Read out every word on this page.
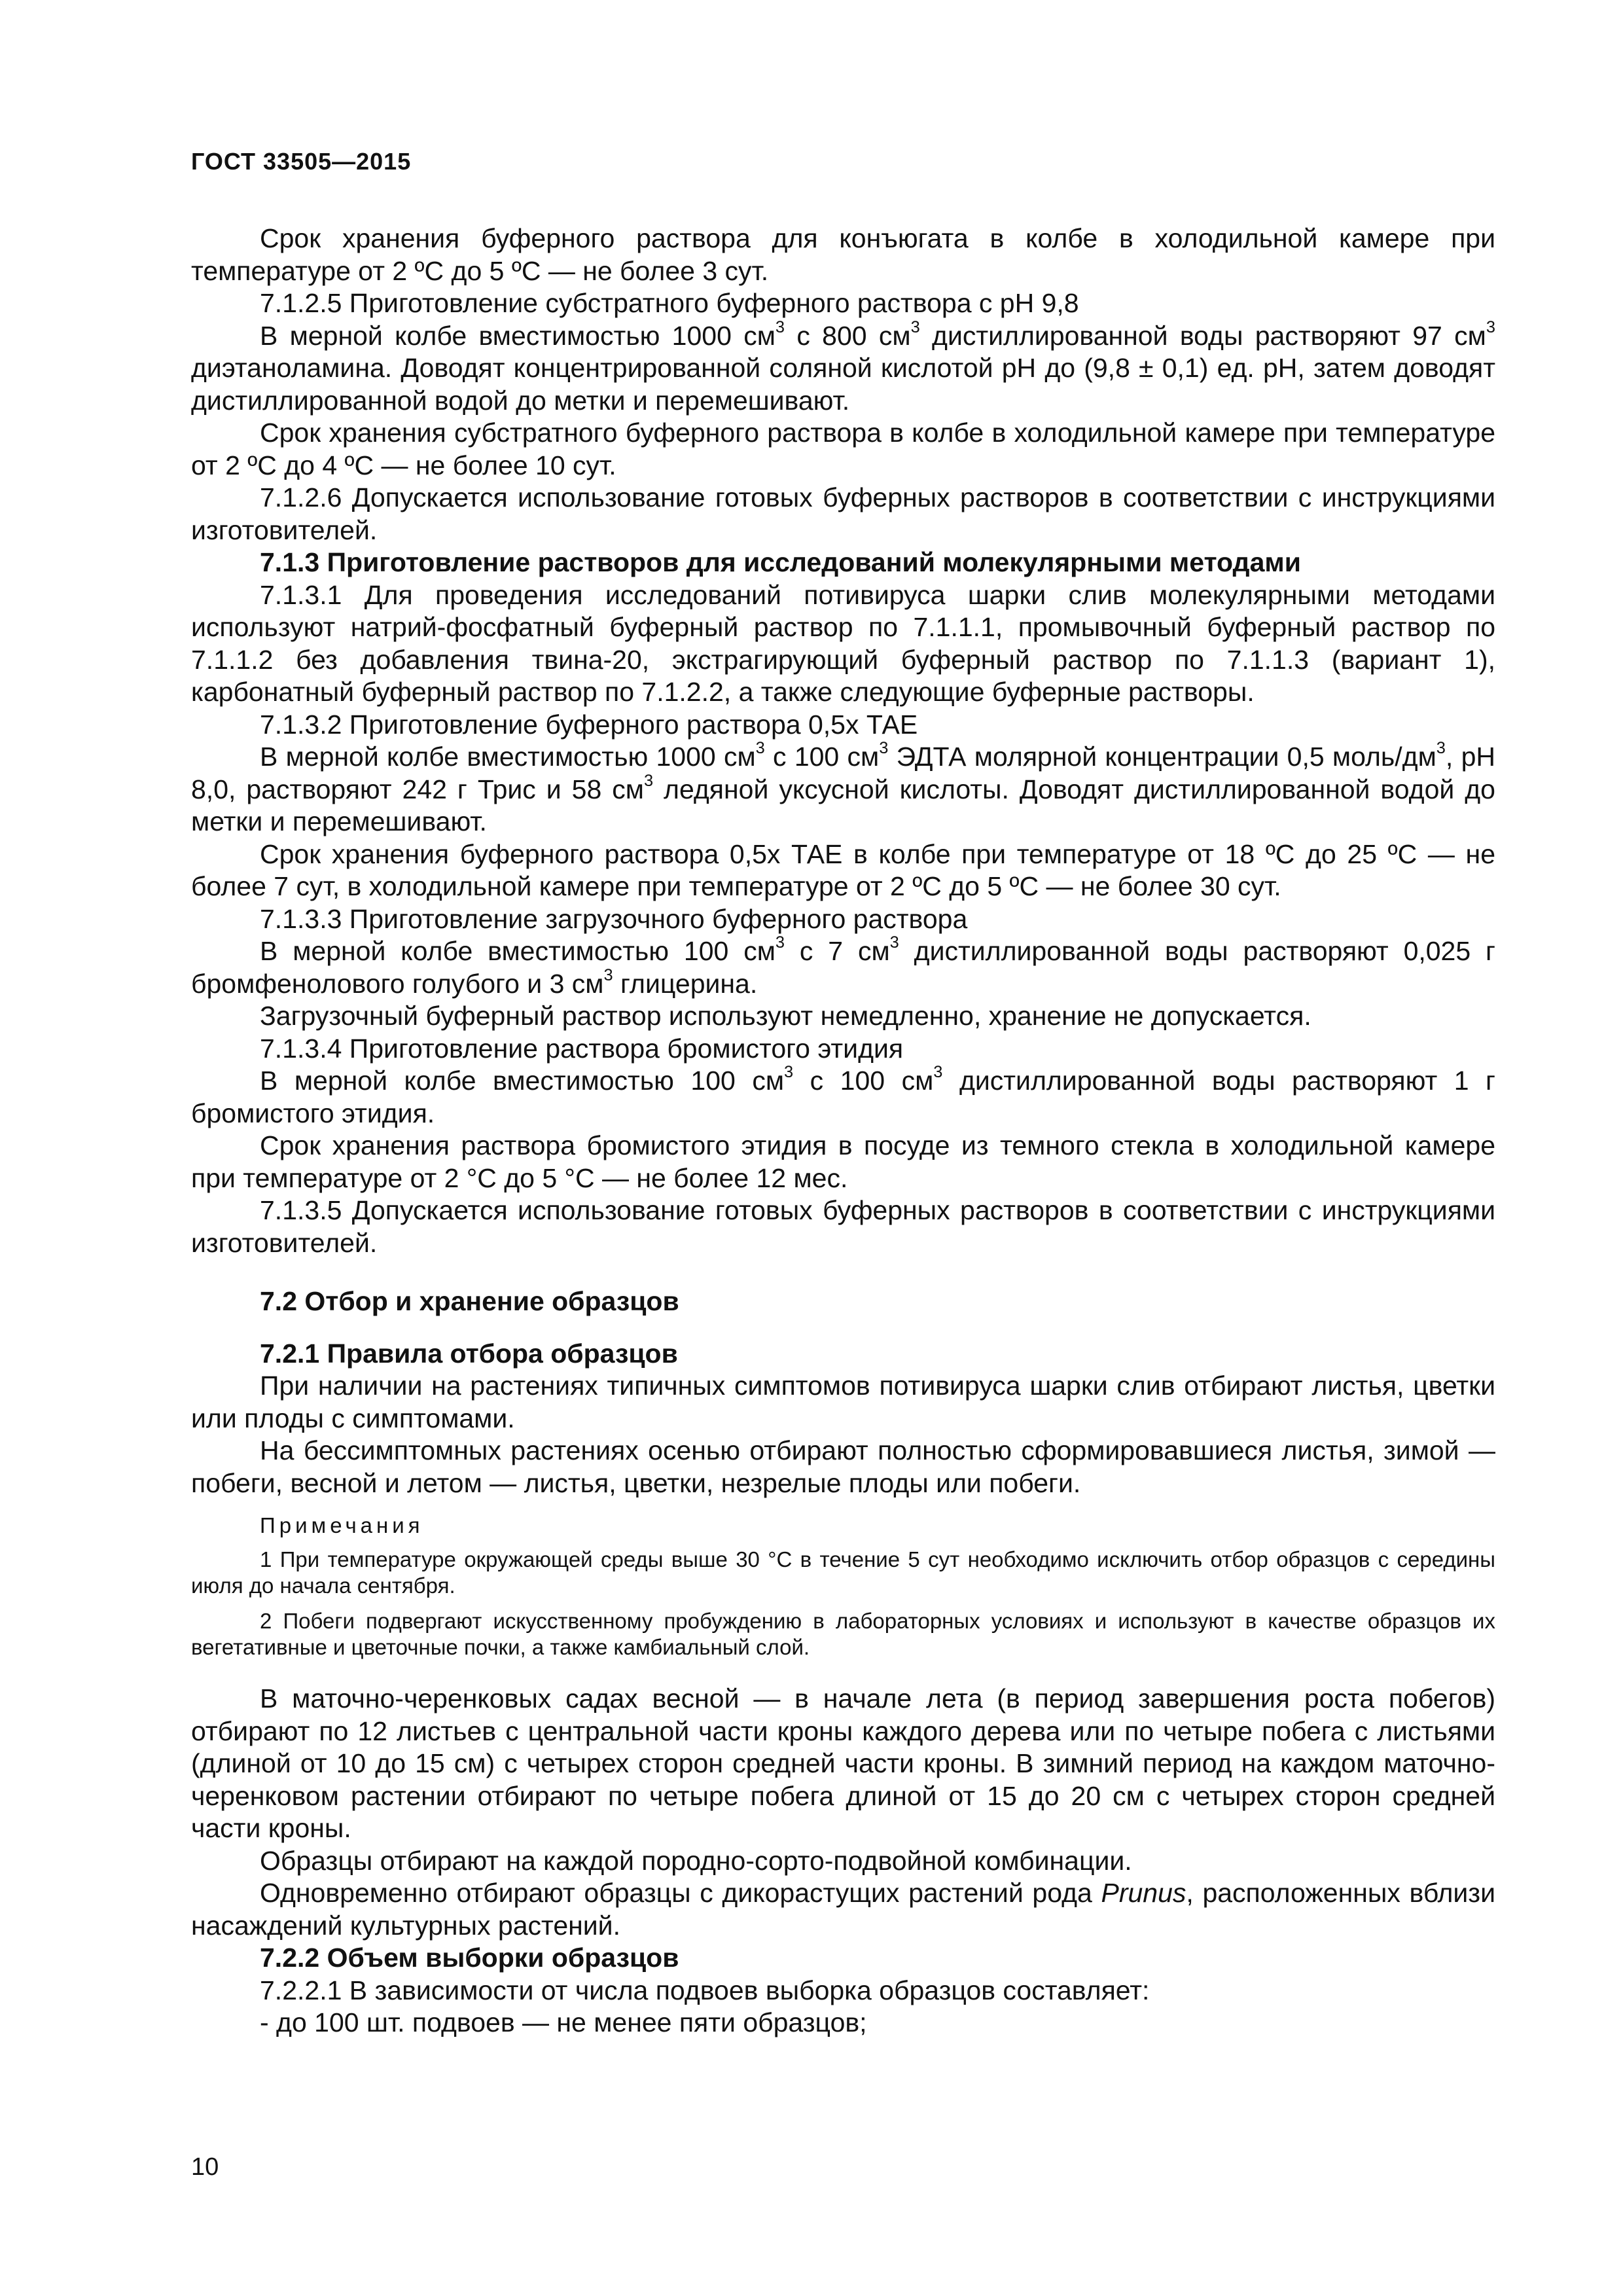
ГОСТ 33505—2015

Срок хранения буферного раствора для конъюгата в колбе в холодильной камере при температуре от 2 ºС до 5 ºС — не более 3 сут.

7.1.2.5 Приготовление субстратного буферного раствора с рН 9,8

В мерной колбе вместимостью 1000 $см^3$ с 800 $см^3$ дистиллированной воды растворяют 97 $см^3$ диэтаноламина. Доводят концентрированной соляной кислотой рН до (9,8 ± 0,1) ед. рН, затем доводят дистиллированной водой до метки и перемешивают.

Срок хранения субстратного буферного раствора в колбе в холодильной камере при температуре от 2 ºС до 4 ºС — не более 10 сут.

7.1.2.6 Допускается использование готовых буферных растворов в соответствии с инструкциями изготовителей.

7.1.3 Приготовление растворов для исследований молекулярными методами

7.1.3.1 Для проведения исследований потивируса шарки слив молекулярными методами используют натрий-фосфатный буферный раствор по 7.1.1.1, промывочный буферный раствор по 7.1.1.2 без добавления твина-20, экстрагирующий буферный раствор по 7.1.1.3 (вариант 1), карбонатный буферный раствор по 7.1.2.2, а также следующие буферные растворы.

7.1.3.2 Приготовление буферного раствора 0,5х ТАЕ

В мерной колбе вместимостью 1000 $см^3$ с 100 $см^3$ ЭДТА молярной концентрации 0,5 моль/$дм^3$, рН 8,0, растворяют 242 г Трис и 58 $см^3$ ледяной уксусной кислоты. Доводят дистиллированной водой до метки и перемешивают.

Срок хранения буферного раствора 0,5х ТАЕ в колбе при температуре от 18 ºС до 25 ºС — не более 7 сут, в холодильной камере при температуре от 2 ºС до 5 ºС — не более 30 сут.

7.1.3.3 Приготовление загрузочного буферного раствора

В мерной колбе вместимостью 100 $см^3$ с 7 $см^3$ дистиллированной воды растворяют 0,025 г бромфенолового голубого и 3 $см^3$ глицерина.

Загрузочный буферный раствор используют немедленно, хранение не допускается.

7.1.3.4 Приготовление раствора бромистого этидия

В мерной колбе вместимостью 100 $см^3$ с 100 $см^3$ дистиллированной воды растворяют 1 г бромистого этидия.

Срок хранения раствора бромистого этидия в посуде из темного стекла в холодильной камере при температуре от 2 °С до 5 °С — не более 12 мес.

7.1.3.5 Допускается использование готовых буферных растворов в соответствии с инструкциями изготовителей.

7.2 Отбор и хранение образцов

7.2.1 Правила отбора образцов

При наличии на растениях типичных симптомов потивируса шарки слив отбирают листья, цветки или плоды с симптомами.

На бессимптомных растениях осенью отбирают полностью сформировавшиеся листья, зимой — побеги, весной и летом — листья, цветки, незрелые плоды или побеги.

Примечания

1 При температуре окружающей среды выше 30 °С в течение 5 сут необходимо исключить отбор образцов с середины июля до начала сентября.

2 Побеги подвергают искусственному пробуждению в лабораторных условиях и используют в качестве образцов их вегетативные и цветочные почки, а также камбиальный слой.

В маточно-черенковых садах весной — в начале лета (в период завершения роста побегов) отбирают по 12 листьев с центральной части кроны каждого дерева или по четыре побега с листьями (длиной от 10 до 15 см) с четырех сторон средней части кроны. В зимний период на каждом маточно-черенковом растении отбирают по четыре побега длиной от 15 до 20 см с четырех сторон средней части кроны.

Образцы отбирают на каждой породно-сорто-подвойной комбинации.

Одновременно отбирают образцы с дикорастущих растений рода Prunus, расположенных вблизи насаждений культурных растений.

7.2.2 Объем выборки образцов

7.2.2.1 В зависимости от числа подвоев выборка образцов составляет:

- до 100 шт. подвоев — не менее пяти образцов;

10
